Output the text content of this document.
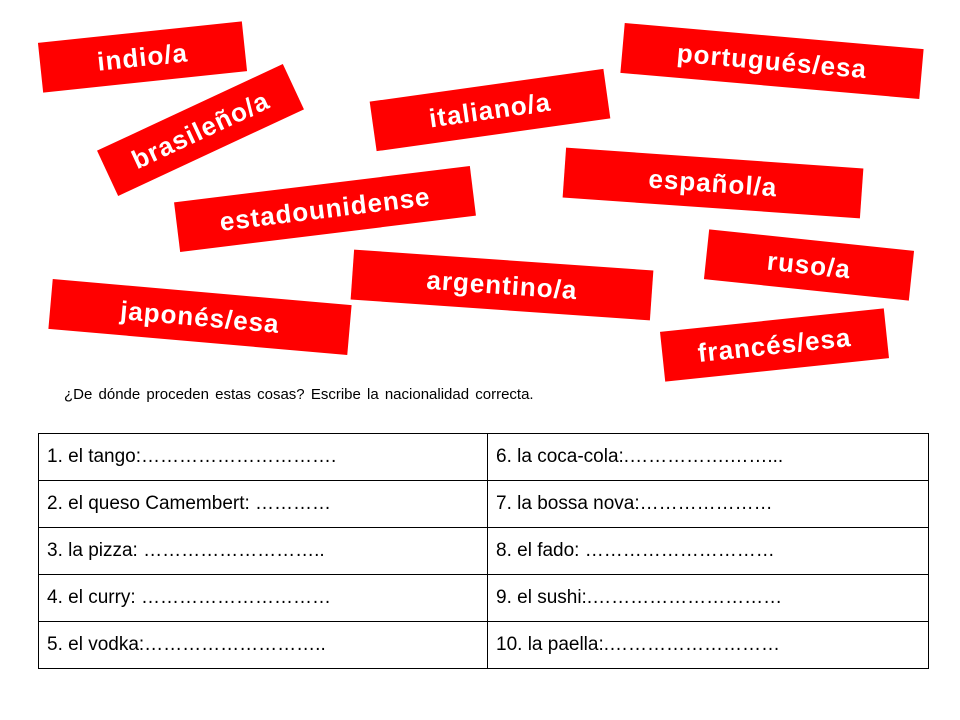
indio/a	portugués/esa
brasileño/a	italiano/a
español/a
estadounidense
ruso/a
argentino/a
japonés/esa
francés/esa
¿De dónde proceden estas cosas? Escribe la nacionalidad correcta.
1. el tango:………………………….	6. la coca-cola:.…………….……...
2. el queso Camembert: …………	7. la bossa nova:…………………
3. la pizza: ………………………..	8. el fado: …………………………
4. el curry: …………………………	9. el sushi:.…………………………
5. el vodka:………………………..	10. la paella:.………………………
